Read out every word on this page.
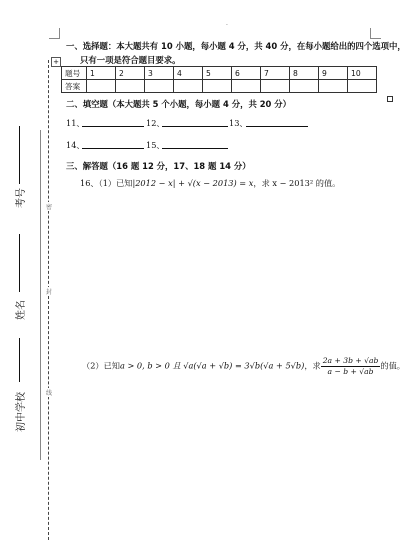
.
密
封
线
考号
姓名
初中学校
一、选择题：本大题共有 10 小题，每小题 4 分，共 40 分，在每小题给出的四个选项中，
只有一项是符合题目要求。
+
题号	1	2	3	4	5	6	7	8	9	10
答案										
二、填空题（本大题共 5 个小题，每小题 4 分，共 20 分）
11、	12、	13、
14、	15、
三、解答题（16 题 12 分，17、18 题 14 分）
16、（1）已知|2012 − x| + √(x − 2013) = x，求 x − 2013² 的值。
（2）已知a > 0, b > 0 且 √a(√a + √b) = 3√b(√a + 5√b)，求 $\frac{2a + 3b + √ab}{a - b + √ab}$ 的值。
